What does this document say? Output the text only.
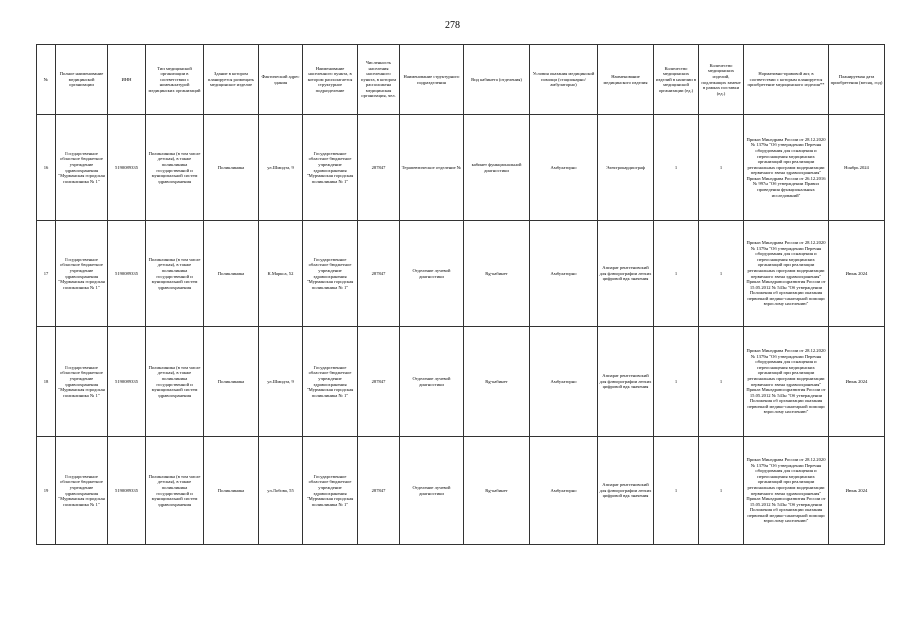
278
№	Полное наименование медицинской организации	ИНН	Тип медицинской организации в соответствии с номенклатурой медицинских организаций	Здание в котором планируется размещать медицинское изделие	Фактический адрес здания	Наименование населенного пункта, в котором располагается структурное подразделение	Численность населения населенного пункта, в котором расположена медицинская организация, чел.	Наименование структурного подразделения	Вид кабинета (отделения)	Условия оказания медицинской помощи (стационарно/амбулаторно)	Наименование медицинского изделия	Количество медицинских изделий в наличии в медицинской организации (ед.)	Количество медицинских изделий, подлежащих замене в рамках поставки (ед.)	Нормативно-правовой акт, в соответствии с которым планируется приобретение медицинского изделия**	Планируемая дата приобретения (месяц, год)
16	Государственное областное бюджетное учреждение здравоохранения "Мурманская городская поликлиника № 1"	5190089335	Поликлиника (в том числе детская), в также поликлиника государственной и муниципальной систем здравоохранения	Поликлиника	ул.Шмидта, 9	Государственное областное бюджетное учреждение здравоохранения "Мурманская городская поликлиника № 1"	287847	Терапевтическое отделение №	кабинет функциональной диагностики	Амбулаторно	Электрокардиограф	1	1	Приказ Минздрава России от 28.12.2020 № 1379н "Об утверждении Перечня оборудования для оснащения и переоснащения медицинских организаций при реализации региональных программ модернизации первичного звена здравоохранения" Приказ Минздрава России от 26.12.2016 № 997н "Об утверждении Правил проведения функциональных исследований"	Ноябрь 2024
17	Государственное областное бюджетное учреждение здравоохранения "Мурманская городская поликлиника № 1"	5190089335	Поликлиника (в том числе детская), в также поликлиника государственной и муниципальной систем здравоохранения	Поликлиника	К.Маркса, 52	Государственное областное бюджетное учреждение здравоохранения "Мурманская городская поликлиника № 1"	287847	Отделение лучевой диагностики	Rg-кабинет	Амбулаторно	Аппарат рентгеновский для флюорографии легких цифровой вдк значения	1	1	Приказ Минздрава России от 28.12.2020 № 1379н "Об утверждении Перечня оборудования для оснащения и переоснащения медицинских организаций при реализации региональных программ модернизации первичного звена здравоохранения" Приказ Минздравсоцразвития России от 15.05.2012 № 543н "Об утверждении Положения об организации оказания первичной медико-санитарной помощи взрослому населению"	Июнь 2024
18	Государственное областное бюджетное учреждение здравоохранения "Мурманская городская поликлиника № 1"	5190089335	Поликлиника (в том числе детская), в также поликлиника государственной и муниципальной систем здравоохранения	Поликлиника	ул.Шмидта, 9	Государственное областное бюджетное учреждение здравоохранения "Мурманская городская поликлиника № 1"	287847	Отделение лучевой диагностики	Rg-кабинет	Амбулаторно	Аппарат рентгеновский для флюорографии легких цифровой вдк значения	1	1	Приказ Минздрава России от 28.12.2020 № 1379н "Об утверждении Перечня оборудования для оснащения и переоснащения медицинских организаций при реализации региональных программ модернизации первичного звена здравоохранения" Приказ Минздравсоцразвития России от 15.05.2012 № 543н "Об утверждении Положения об организации оказания первичной медико-санитарной помощи взрослому населению"	Июнь 2024
19	Государственное областное бюджетное учреждение здравоохранения "Мурманская городская поликлиника № 1"	5190089335	Поликлиника (в том числе детская), в также поликлиника государственной и муниципальной систем здравоохранения	Поликлиника	ул.Лобова, 55	Государственное областное бюджетное учреждение здравоохранения "Мурманская городская поликлиника № 1"	287847	Отделение лучевой диагностики	Rg-кабинет	Амбулаторно	Аппарат рентгеновский для флюорографии легких цифровой вдк значения	1	1	Приказ Минздрава России от 28.12.2020 № 1379н "Об утверждении Перечня оборудования для оснащения и переоснащения медицинских организаций при реализации региональных программ модернизации первичного звена здравоохранения" Приказ Минздравсоцразвития России от 15.05.2012 № 543н "Об утверждении Положения об организации оказания первичной медико-санитарной помощи взрослому населению"	Июнь 2024
